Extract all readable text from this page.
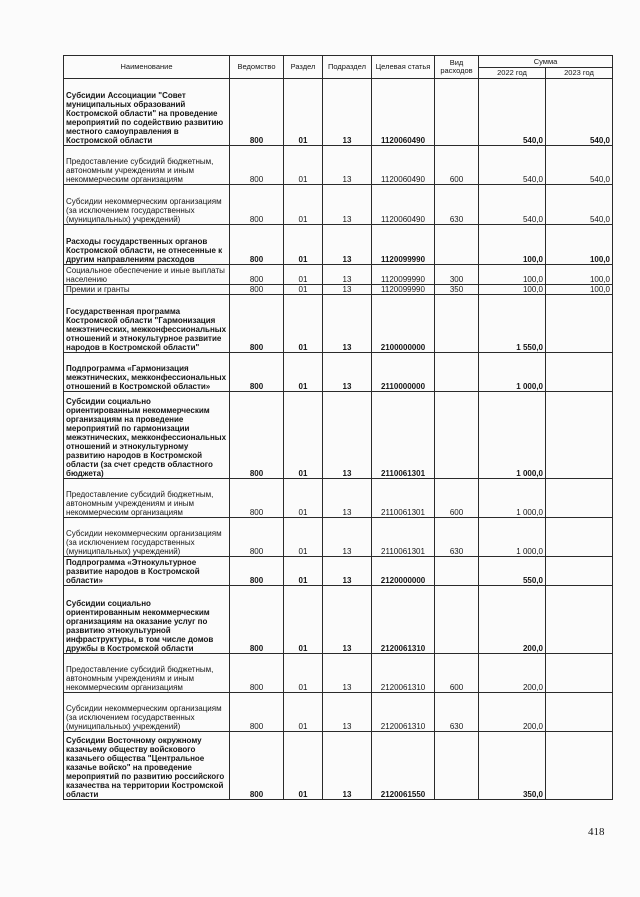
Наименование	Ведомство	Раздел	Подраздел	Целевая статья	Вид расходов	Сумма	
						2022 год	2023 год
Субсидии Ассоциации "Совет муниципальных образований Костромской области" на проведение мероприятий по содействию развитию местного самоуправления в Костромской области	800	01	13	1120060490		540,0	540,0
Предоставление субсидий бюджетным, автономным учреждениям и иным некоммерческим организациям	800	01	13	1120060490	600	540,0	540,0
Субсидии некоммерческим организациям (за исключением государственных (муниципальных) учреждений)	800	01	13	1120060490	630	540,0	540,0
Расходы государственных органов Костромской области, не отнесенные к другим направлениям расходов	800	01	13	1120099990		100,0	100,0
Социальное обеспечение и иные выплаты населению	800	01	13	1120099990	300	100,0	100,0
Премии и гранты	800	01	13	1120099990	350	100,0	100,0
Государственная программа Костромской области "Гармонизация межэтнических, межконфессиональных отношений и этнокультурное развитие народов в Костромской области"	800	01	13	2100000000		1 550,0	
Подпрограмма «Гармонизация межэтнических, межконфессиональных отношений в Костромской области»	800	01	13	2110000000		1 000,0	
Субсидии социально ориентированным некоммерческим организациям на проведение мероприятий по гармонизации межэтнических, межконфессиональных отношений и этнокультурному развитию народов в Костромской области (за счет средств областного бюджета)	800	01	13	2110061301		1 000,0	
Предоставление субсидий бюджетным, автономным учреждениям и иным некоммерческим организациям	800	01	13	2110061301	600	1 000,0	
Субсидии некоммерческим организациям (за исключением государственных (муниципальных) учреждений)	800	01	13	2110061301	630	1 000,0	
Подпрограмма «Этнокультурное развитие народов в Костромской области»	800	01	13	2120000000		550,0	
Субсидии социально ориентированным некоммерческим организациям на оказание услуг по развитию этнокультурной инфраструктуры, в том числе домов дружбы в Костромской области	800	01	13	2120061310		200,0	
Предоставление субсидий бюджетным, автономным учреждениям и иным некоммерческим организациям	800	01	13	2120061310	600	200,0	
Субсидии некоммерческим организациям (за исключением государственных (муниципальных) учреждений)	800	01	13	2120061310	630	200,0	
Субсидии Восточному окружному казачьему обществу войскового казачьего общества "Центральное казачье войско" на проведение мероприятий по развитию российского казачества на территории Костромской области	800	01	13	2120061550		350,0	
418
